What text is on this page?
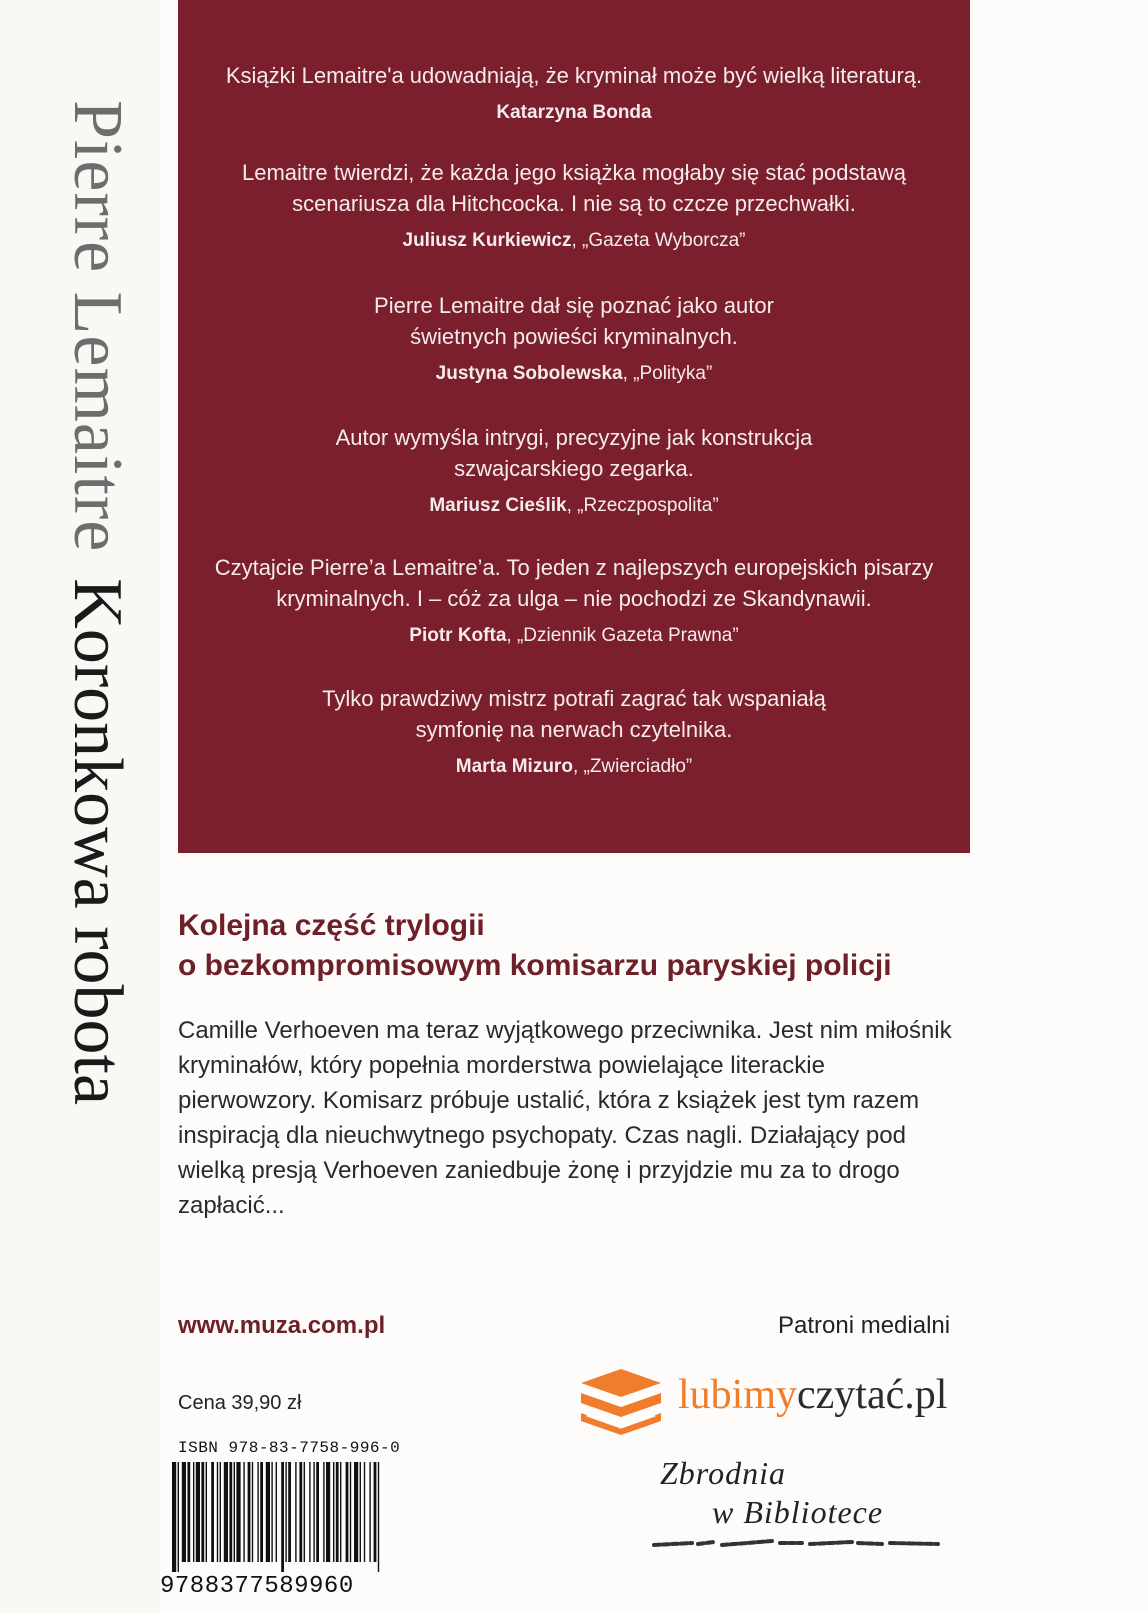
Pierre LemaitreKoronkowa robota

Książki Lemaitre'a udowadniają, że kryminał może być wielką literaturą.

Katarzyna Bonda

Lemaitre twierdzi, że każda jego książka mogłaby się stać podstawą scenariusza dla Hitchcocka. I nie są to czcze przechwałki.

Juliusz Kurkiewicz, „Gazeta Wyborcza”

Pierre Lemaitre dał się poznać jako autor świetnych powieści kryminalnych.

Justyna Sobolewska, „Polityka”

Autor wymyśla intrygi, precyzyjne jak konstrukcja szwajcarskiego zegarka.

Mariusz Cieślik, „Rzeczpospolita”

Czytajcie Pierre’a Lemaitre’a. To jeden z najlepszych europejskich pisarzy kryminalnych. I – cóż za ulga – nie pochodzi ze Skandynawii.

Piotr Kofta, „Dziennik Gazeta Prawna”

Tylko prawdziwy mistrz potrafi zagrać tak wspaniałą symfonię na nerwach czytelnika.

Marta Mizuro, „Zwierciadło”
Kolejna część trylogii
o bezkompromisowym komisarzu paryskiej policji

Camille Verhoeven ma teraz wyjątkowego przeciwnika. Jest nim miłośnik kryminałów, który popełnia morderstwa powielające literackie pierwowzory. Komisarz próbuje ustalić, która z książek jest tym razem inspiracją dla nieuchwytnego psychopaty. Czas nagli. Działający pod wielką presją Verhoeven zaniedbuje żonę i przyjdzie mu za to drogo zapłacić...

www.muza.com.pl	Patroni medialni
Cena 39,90 zł
ISBN 978-83-7758-996-0
9788377589960
lubimyczytać.pl
Zbrodnia
w Bibliotece
